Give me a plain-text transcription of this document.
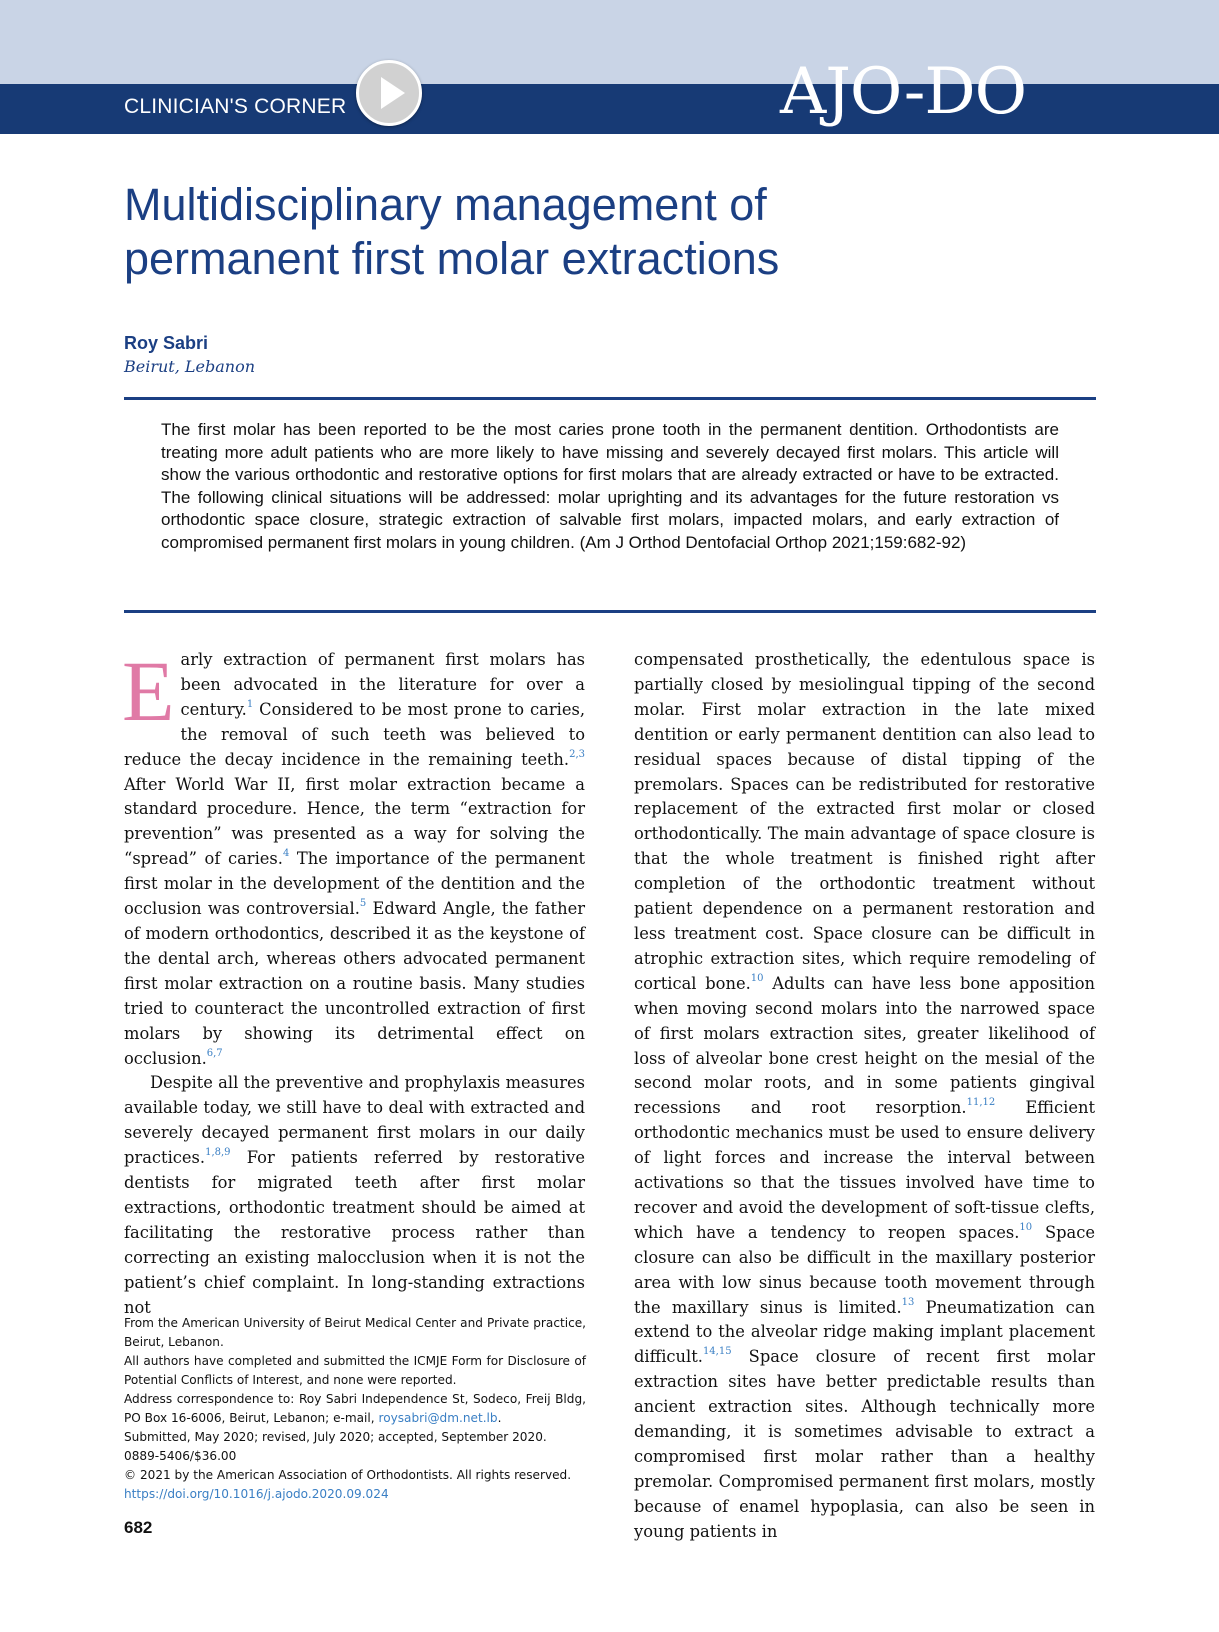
CLINICIAN'S CORNER	AJO-DO
Multidisciplinary management of
permanent first molar extractions
Roy Sabri
Beirut, Lebanon

The first molar has been reported to be the most caries prone tooth in the permanent dentition. Orthodontists are treating more adult patients who are more likely to have missing and severely decayed first molars. This article will show the various orthodontic and restorative options for first molars that are already extracted or have to be extracted. The following clinical situations will be addressed: molar uprighting and its advantages for the future restoration vs orthodontic space closure, strategic extraction of salvable first molars, impacted molars, and early extraction of compromised permanent first molars in young children. (Am J Orthod Dentofacial Orthop 2021;159:682-92)

Early extraction of permanent first molars has been advocated in the literature for over a century.$^1$ Considered to be most prone to caries, the removal of such teeth was believed to reduce the decay incidence in the remaining teeth.$^{2,3}$ After World War II, first molar extraction became a standard procedure. Hence, the term “extraction for prevention” was presented as a way for solving the “spread” of caries.$^4$ The importance of the permanent first molar in the development of the dentition and the occlusion was controversial.$^5$ Edward Angle, the father of modern orthodontics, described it as the keystone of the dental arch, whereas others advocated permanent first molar extraction on a routine basis. Many studies tried to counteract the uncontrolled extraction of first molars by showing its detrimental effect on occlusion.$^{6,7}$

Despite all the preventive and prophylaxis measures available today, we still have to deal with extracted and severely decayed permanent first molars in our daily practices.$^{1,8,9}$ For patients referred by restorative dentists for migrated teeth after first molar extractions, orthodontic treatment should be aimed at facilitating the restorative process rather than correcting an existing malocclusion when it is not the patient’s chief complaint. In long-standing extractions not

compensated prosthetically, the edentulous space is partially closed by mesiolingual tipping of the second molar. First molar extraction in the late mixed dentition or early permanent dentition can also lead to residual spaces because of distal tipping of the premolars. Spaces can be redistributed for restorative replacement of the extracted first molar or closed orthodontically. The main advantage of space closure is that the whole treatment is finished right after completion of the orthodontic treatment without patient dependence on a permanent restoration and less treatment cost. Space closure can be difficult in atrophic extraction sites, which require remodeling of cortical bone.$^{10}$ Adults can have less bone apposition when moving second molars into the narrowed space of first molars extraction sites, greater likelihood of loss of alveolar bone crest height on the mesial of the second molar roots, and in some patients gingival recessions and root resorption.$^{11,12}$ Efficient orthodontic mechanics must be used to ensure delivery of light forces and increase the interval between activations so that the tissues involved have time to recover and avoid the development of soft-tissue clefts, which have a tendency to reopen spaces.$^{10}$ Space closure can also be difficult in the maxillary posterior area with low sinus because tooth movement through the maxillary sinus is limited.$^{13}$ Pneumatization can extend to the alveolar ridge making implant placement difficult.$^{14,15}$ Space closure of recent first molar extraction sites have better predictable results than ancient extraction sites. Although technically more demanding, it is sometimes advisable to extract a compromised first molar rather than a healthy premolar. Compromised permanent first molars, mostly because of enamel hypoplasia, can also be seen in young patients in

From the American University of Beirut Medical Center and Private practice, Beirut, Lebanon.
All authors have completed and submitted the ICMJE Form for Disclosure of Potential Conflicts of Interest, and none were reported.
Address correspondence to: Roy Sabri Independence St, Sodeco, Freij Bldg, PO Box 16-6006, Beirut, Lebanon; e-mail, roysabri@dm.net.lb.
Submitted, May 2020; revised, July 2020; accepted, September 2020.
0889-5406/$36.00
© 2021 by the American Association of Orthodontists. All rights reserved.
https://doi.org/10.1016/j.ajodo.2020.09.024
682
